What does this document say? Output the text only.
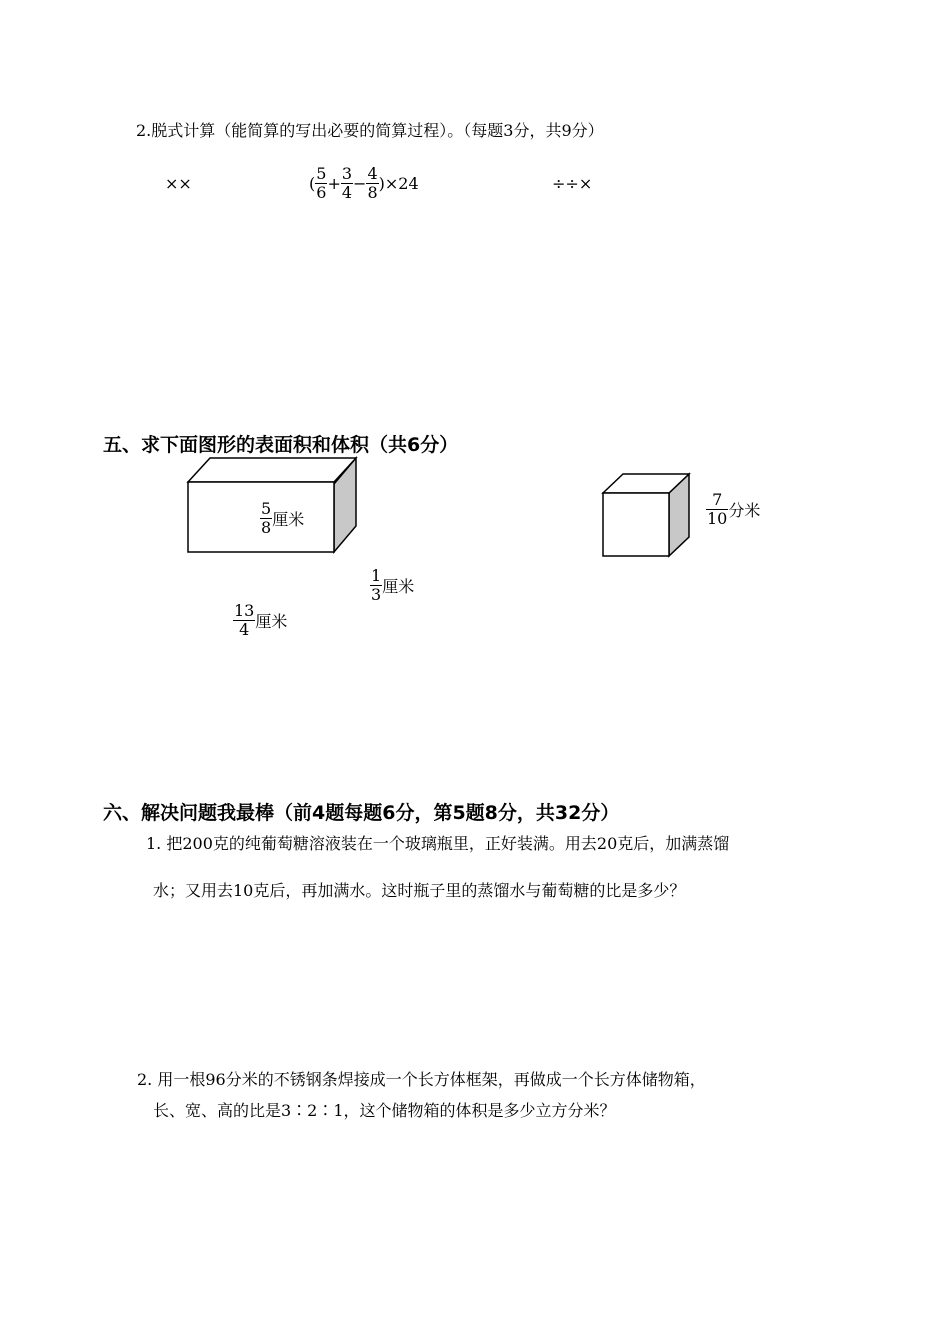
2.脱式计算（能简算的写出必要的简算过程）。（每题3分，共9分）
××	( $\frac{5}{6} + \frac{3}{4} - \frac{4}{8} )\times 24$	÷÷×
五、求下面图形的表面积和体积（共6分）
$\frac{5}{8}$ 厘米
$\frac{1}{3}$ 厘米
$\frac{13}{4}$ 厘米
$\frac{7}{10}$ 分米
六、解决问题我最棒（前4题每题6分，第5题8分，共32分）
1. 把200克的纯葡萄糖溶液装在一个玻璃瓶里，正好装满。用去20克后，加满蒸馏
水；又用去10克后，再加满水。这时瓶子里的蒸馏水与葡萄糖的比是多少？
2. 用一根96分米的不锈钢条焊接成一个长方体框架，再做成一个长方体储物箱，
长、宽、高的比是3∶2∶1，这个储物箱的体积是多少立方分米？
